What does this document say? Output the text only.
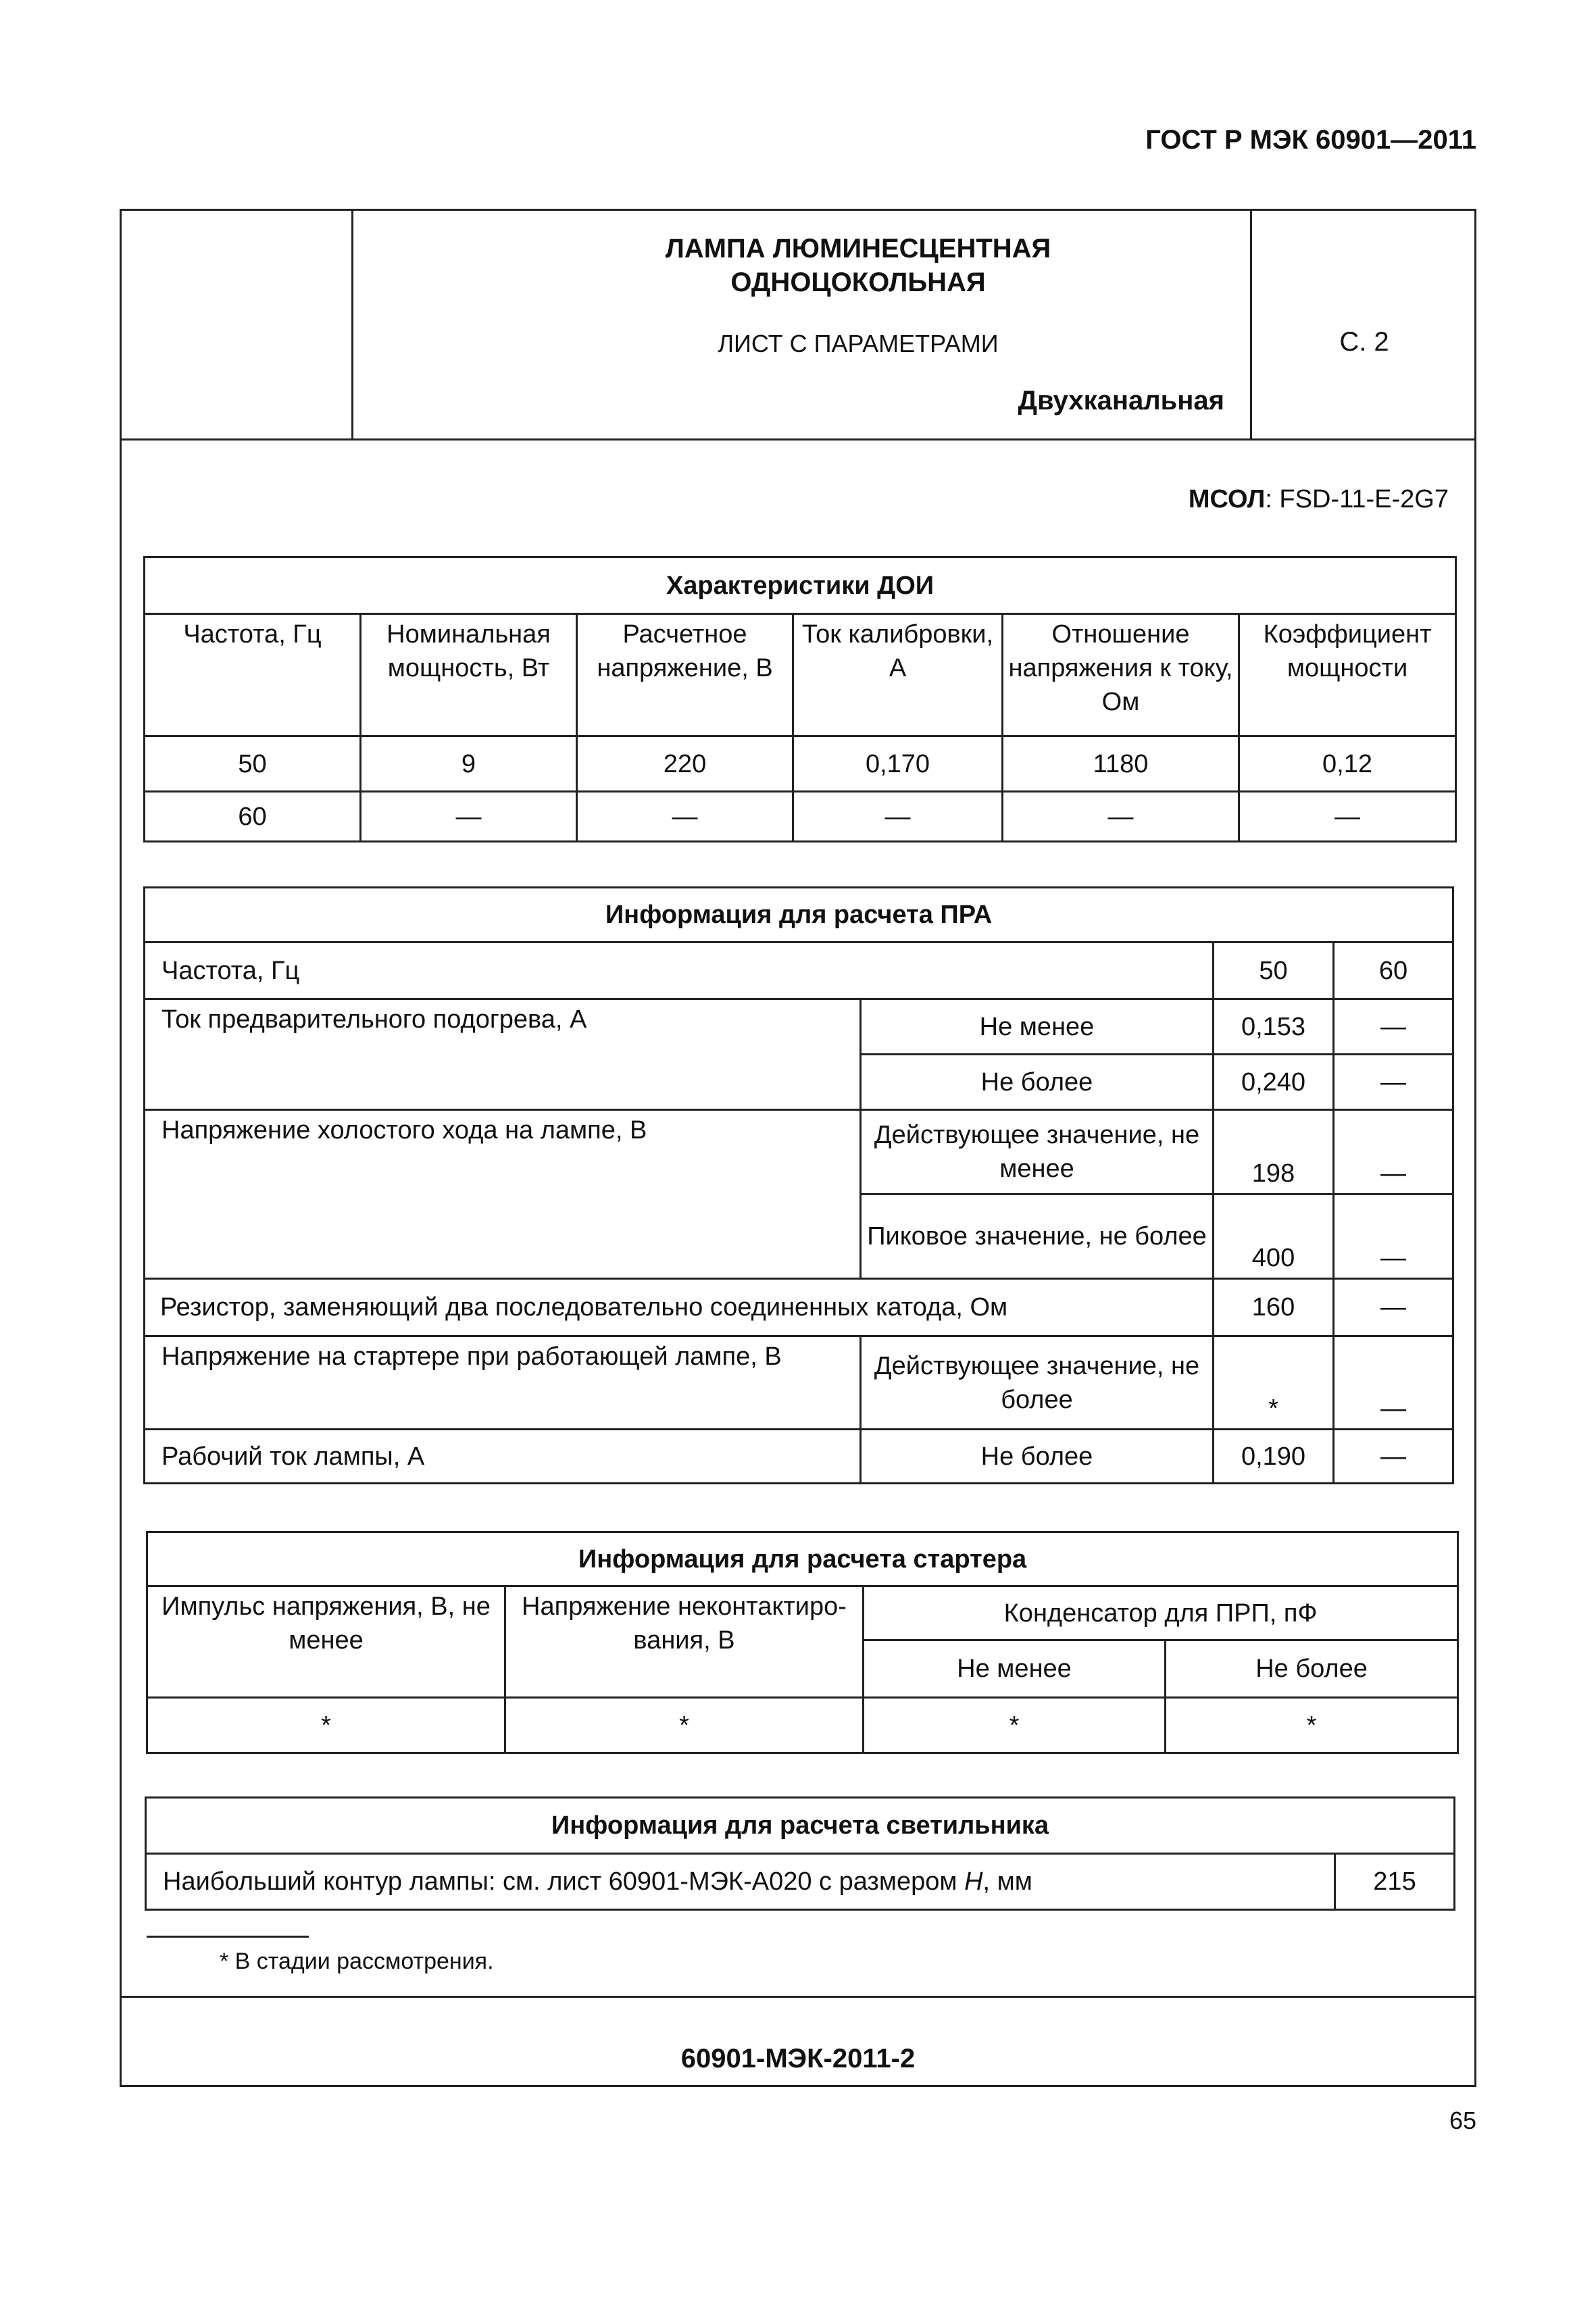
ГОСТ Р МЭК 60901—2011
ЛАМПА ЛЮМИНЕСЦЕНТНАЯ
ОДНОЦОКОЛЬНАЯ
ЛИСТ С ПАРАМЕТРАМИ
Двухканальная
С. 2
МСОЛ: FSD-11-E-2G7
Характеристики ДОИ					
Частота, Гц	Номинальная мощность, Вт	Расчетное напряжение, В	Ток калибровки, А	Отношение напряжения к току, Ом	Коэффициент мощности
50	9	220	0,170	1180	0,12
60	—	—	—	—	—
Информация для расчета ПРА			
Частота, Гц		50	60
Ток предварительного подогрева, А	Не менее	0,153	—
	Не более	0,240	—
Напряжение холостого хода на лампе, В	Действующее значение, не менее	198	—
	Пиковое значение, не более	400	—
Резистор, заменяющий два последовательно соединенных катода, Ом		160	—
Напряжение на стартере при работающей лампе, В	Действующее значение, не более	*	—
Рабочий ток лампы, А	Не более	0,190	—
Информация для расчета стартера			
Импульс напряжения, В, не менее	Напряжение неконтактиро-вания, В	Конденсатор для ПРП, пФ	
		Не менее	Не более
*	*	*	*
Информация для расчета светильника
Наибольший контур лампы: см. лист 60901-МЭК-А020 с размером H, мм	215
* В стадии рассмотрения.
60901-МЭК-2011-2
65
